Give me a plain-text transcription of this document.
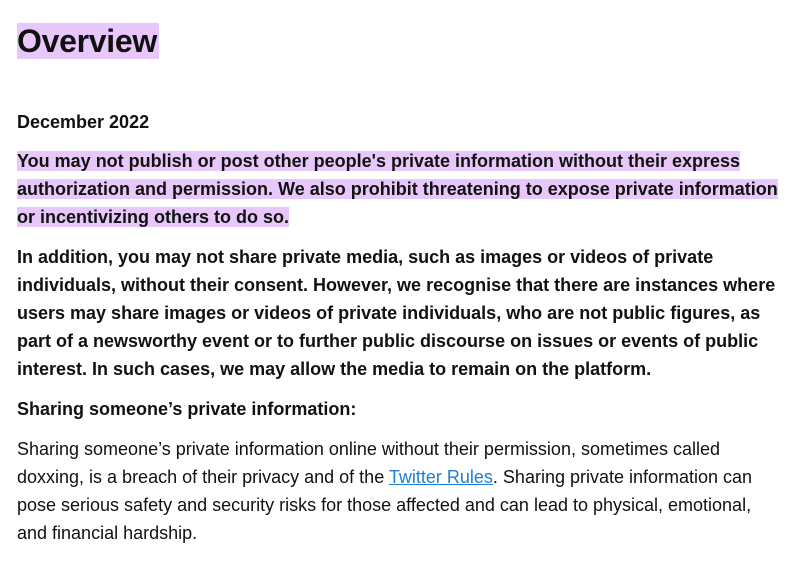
Overview
December 2022

You may not publish or post other people's private information without their express authorization and permission. We also prohibit threatening to expose private information or incentivizing others to do so.

In addition, you may not share private media, such as images or videos of private individuals, without their consent. However, we recognise that there are instances where users may share images or videos of private individuals, who are not public figures, as part of a newsworthy event or to further public discourse on issues or events of public interest. In such cases, we may allow the media to remain on the platform.

Sharing someone’s private information:

Sharing someone’s private information online without their permission, sometimes called doxxing, is a breach of their privacy and of the Twitter Rules. Sharing private information can pose serious safety and security risks for those affected and can lead to physical, emotional, and financial hardship.
